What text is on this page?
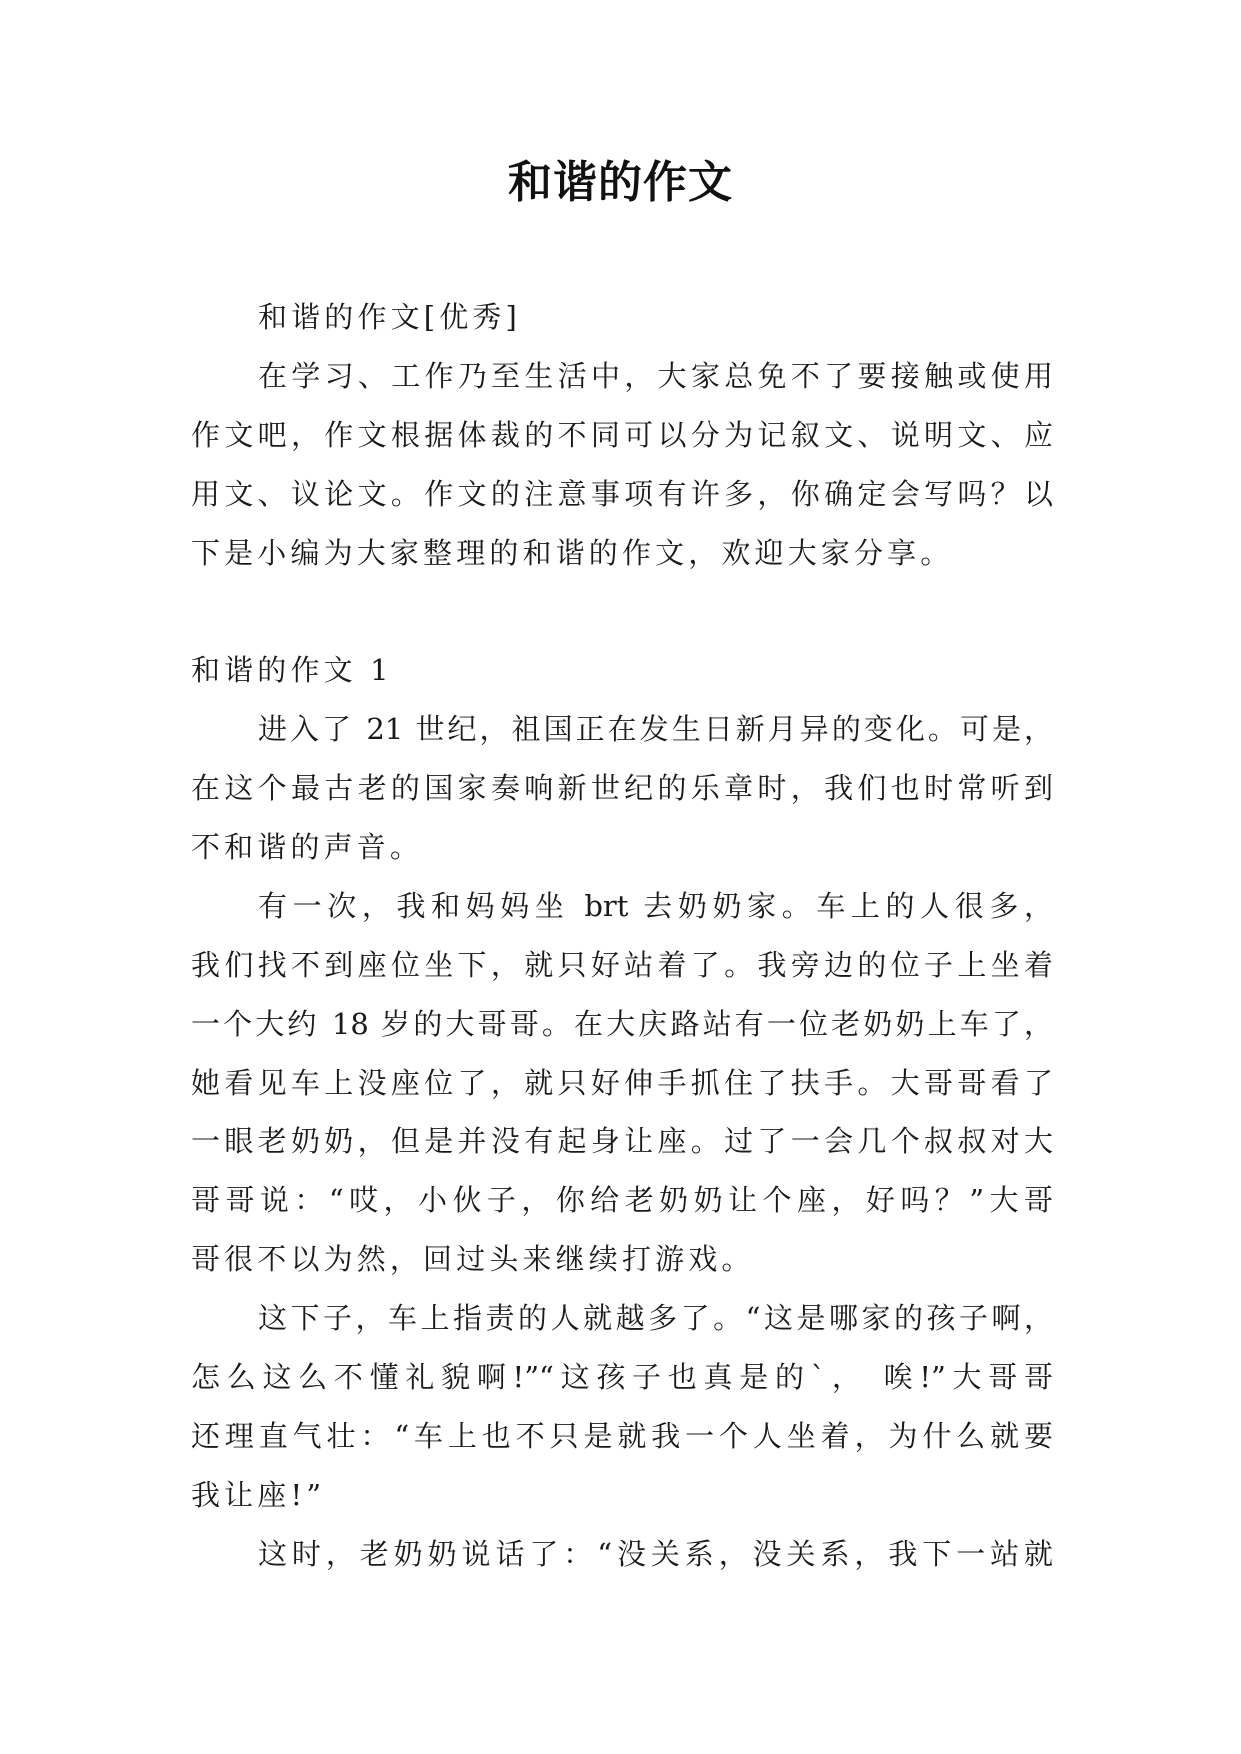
和谐的作文
和谐的作文[优秀]
在学习、工作乃至生活中，大家总免不了要接触或使用
作文吧，作文根据体裁的不同可以分为记叙文、说明文、应
用文、议论文。作文的注意事项有许多，你确定会写吗？以
下是小编为大家整理的和谐的作文，欢迎大家分享。
和谐的作文 1
进入了 21 世纪，祖国正在发生日新月异的变化。可是，
在这个最古老的国家奏响新世纪的乐章时，我们也时常听到
不和谐的声音。
有一次，我和妈妈坐 brt 去奶奶家。车上的人很多，
我们找不到座位坐下，就只好站着了。我旁边的位子上坐着
一个大约 18 岁的大哥哥。在大庆路站有一位老奶奶上车了，
她看见车上没座位了，就只好伸手抓住了扶手。大哥哥看了
一眼老奶奶，但是并没有起身让座。过了一会几个叔叔对大
哥哥说：“哎，小伙子，你给老奶奶让个座，好吗？”大哥
哥很不以为然，回过头来继续打游戏。
这下子，车上指责的人就越多了。“这是哪家的孩子啊，
怎么这么不懂礼貌啊!”“这孩子也真是的`， 唉!”大哥哥
还理直气壮：“车上也不只是就我一个人坐着，为什么就要
我让座!”
这时，老奶奶说话了：“没关系，没关系，我下一站就
